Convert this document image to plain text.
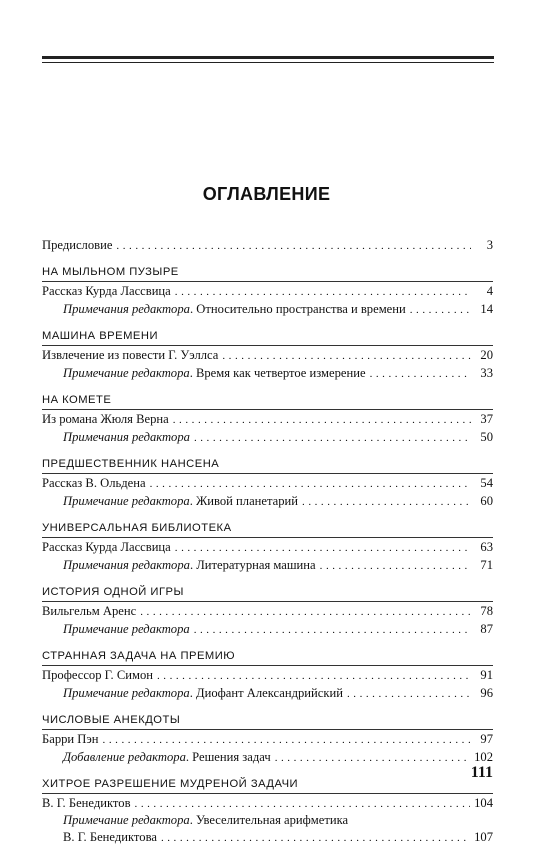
ОГЛАВЛЕНИЕ
Предисловие . . .	3
НА МЫЛЬНОМ ПУЗЫРЕ
Рассказ Курда Лассвица . . .	4
Примечания редактора. Относительно пространства и времени . . .	14
МАШИНА ВРЕМЕНИ
Извлечение из повести Г. Уэллса . . .	20
Примечание редактора. Время как четвертое измерение . . .	33
НА КОМЕТЕ
Из романа Жюля Верна . . .	37
Примечания редактора . . .	50
ПРЕДШЕСТВЕННИК НАНСЕНА
Рассказ В. Ольдена . . .	54
Примечание редактора. Живой планетарий . . .	60
УНИВЕРСАЛЬНАЯ БИБЛИОТЕКА
Рассказ Курда Лассвица . . .	63
Примечания редактора. Литературная машина . . .	71
ИСТОРИЯ ОДНОЙ ИГРЫ
Вильгельм Аренс . . .	78
Примечание редактора . . .	87
СТРАННАЯ ЗАДАЧА НА ПРЕМИЮ
Профессор Г. Симон . . .	91
Примечание редактора. Диофант Александрийский . . .	96
ЧИСЛОВЫЕ АНЕКДОТЫ
Барри Пэн . . .	97
Добавление редактора. Решения задач . . .	102
ХИТРОЕ РАЗРЕШЕНИЕ МУДРЕНОЙ ЗАДАЧИ
В. Г. Бенедиктов . . .	104
Примечание редактора. Увеселительная арифметика
В. Г. Бенедиктова . . .	107
111
